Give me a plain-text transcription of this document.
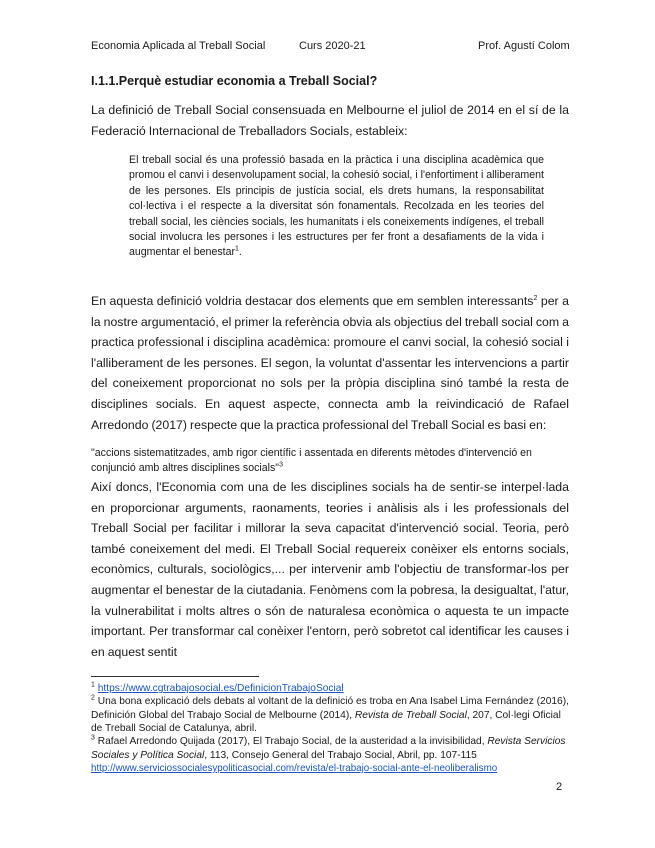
Economia Aplicada al Treball Social	Curs 2020-21	Prof. Agustí Colom
I.1.1.Perquè estudiar economia a Treball Social?
La definició de Treball Social consensuada en Melbourne el juliol de 2014 en el sí de la Federació Internacional de Treballadors Socials, estableix:
El treball social és una professió basada en la pràctica i una disciplina acadèmica que promou el canvi i desenvolupament social, la cohesió social, i l'enfortiment i alliberament de les persones. Els principis de justícia social, els drets humans, la responsabilitat col·lectiva i el respecte a la diversitat són fonamentals. Recolzada en les teories del treball social, les ciències socials, les humanitats i els coneixements indígenes, el treball social involucra les persones i les estructures per fer front a desafiaments de la vida i augmentar el benestar$^1$.
En aquesta definició voldria destacar dos elements que em semblen interessants$^2$ per a la nostre argumentació, el primer la referència obvia als objectius del treball social com a practica professional i disciplina acadèmica: promoure el canvi social, la cohesió social i l'alliberament de les persones. El segon, la voluntat d'assentar les intervencions a partir del coneixement proporcionat no sols per la pròpia disciplina sinó també la resta de disciplines socials. En aquest aspecte, connecta amb la reivindicació de Rafael Arredondo (2017) respecte que la practica professional del Treball Social es basi en:
"accions sistematitzades, amb rigor científic i assentada en diferents mètodes d'intervenció en conjunció amb altres disciplines socials"$^3$
Així doncs, l'Economia com una de les disciplines socials ha de sentir-se interpel·lada en proporcionar arguments, raonaments, teories i anàlisis als i les professionals del Treball Social per facilitar i millorar la seva capacitat d'intervenció social. Teoria, però també coneixement del medi. El Treball Social requereix conèixer els entorns socials, econòmics, culturals, sociològics,... per intervenir amb l'objectiu de transformar-los per augmentar el benestar de la ciutadania. Fenòmens com la pobresa, la desigualtat, l'atur, la vulnerabilitat i molts altres o són de naturalesa econòmica o aquesta te un impacte important. Per transformar cal conèixer l'entorn, però sobretot cal identificar les causes i en aquest sentit
$^1$ https://www.cgtrabajosocial.es/DefinicionTrabajoSocial
$^2$ Una bona explicació dels debats al voltant de la definició es troba en Ana Isabel Lima Fernández (2016), Definición Global del Trabajo Social de Melbourne (2014), Revista de Treball Social, 207, Col·legi Oficial de Treball Social de Catalunya, abril.
$^3$ Rafael Arredondo Quijada (2017), El Trabajo Social, de la austeridad a la invisibilidad, Revista Servicios Sociales y Política Social, 113, Consejo General del Trabajo Social, Abril, pp. 107-115 http://www.serviciossocialesypoliticasocial.com/revista/el-trabajo-social-ante-el-neoliberalismo
2
